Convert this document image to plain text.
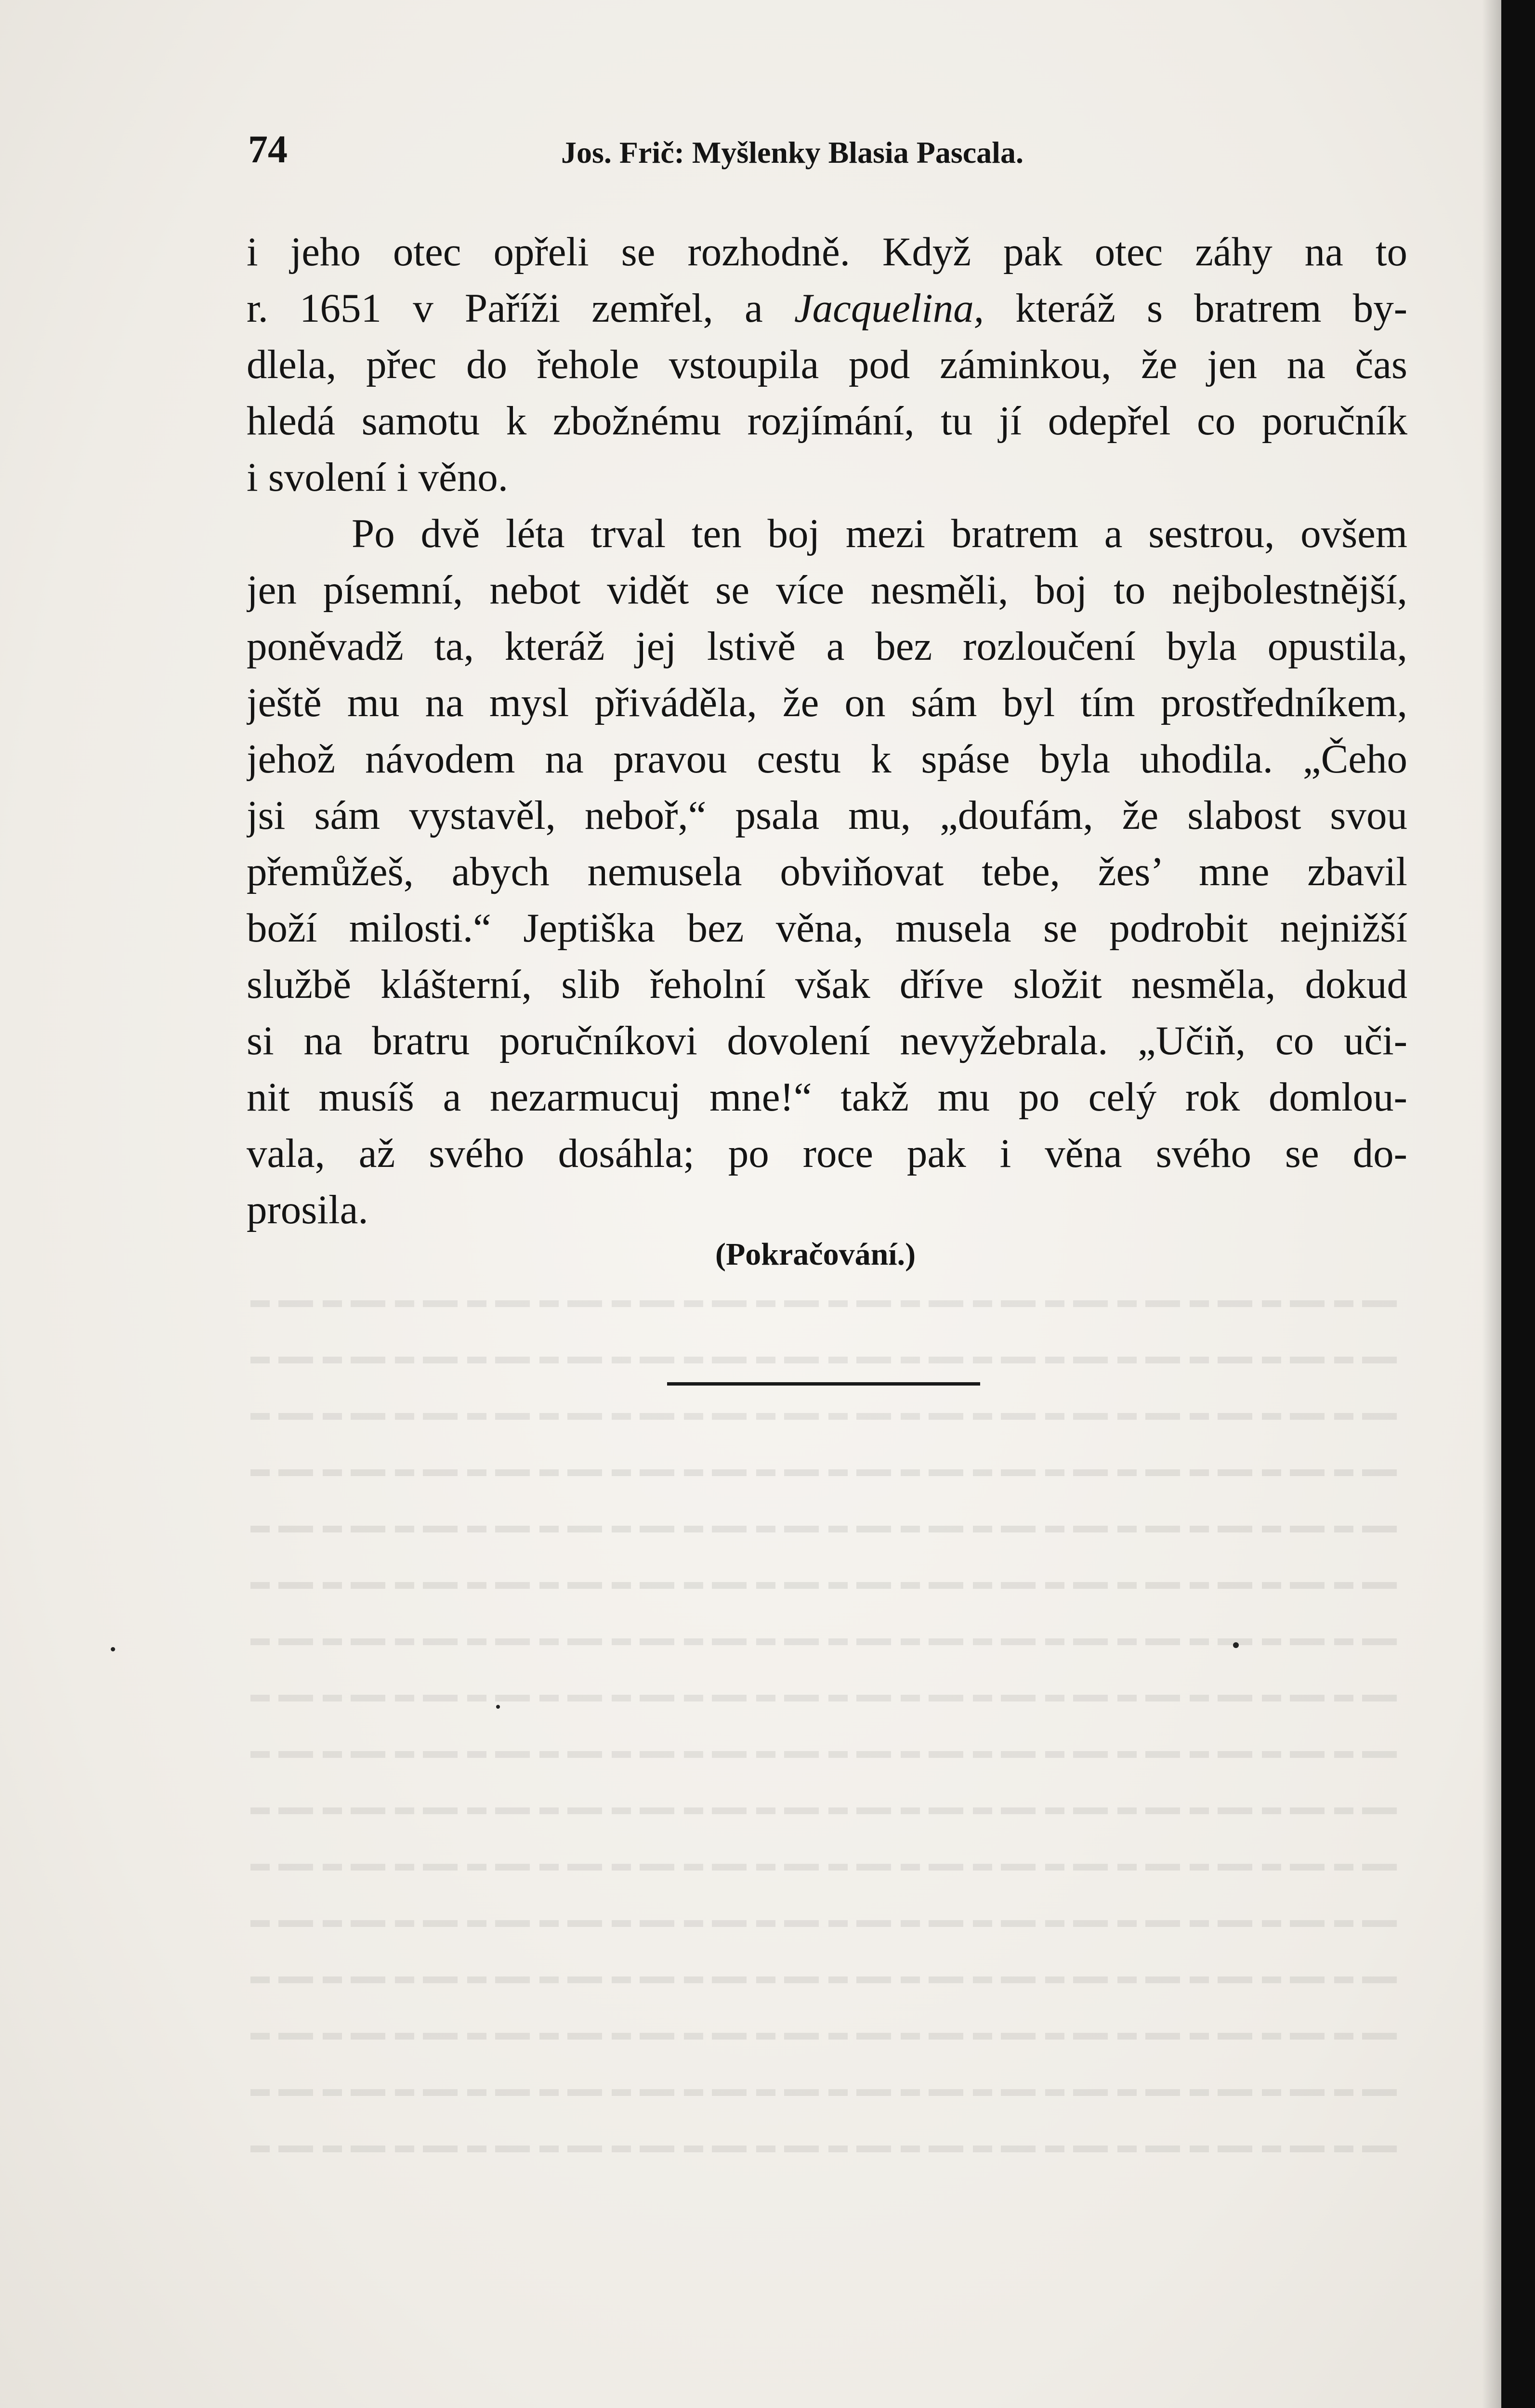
74	Jos. Frič: Myšlenky Blasia Pascala.
i jeho otec opřeli se rozhodně. Když pak otec záhy na to
r. 1651 v Paříži zemřel, a Jacquelina, kteráž s bratrem by-
dlela, přec do řehole vstoupila pod záminkou, že jen na čas
hledá samotu k zbožnému rozjímání, tu jí odepřel co poručník
i svolení i věno.
Po dvě léta trval ten boj mezi bratrem a sestrou, ovšem
jen písemní, nebot vidět se více nesměli, boj to nejbolestnější,
poněvadž ta, kteráž jej lstivě a bez rozloučení byla opustila,
ještě mu na mysl přiváděla, že on sám byl tím prostředníkem,
jehož návodem na pravou cestu k spáse byla uhodila. „Čeho
jsi sám vystavěl, neboř,“ psala mu, „doufám, že slabost svou
přemůžeš, abych nemusela obviňovat tebe, žes’ mne zbavil
boží milosti.“ Jeptiška bez věna, musela se podrobit nejnižší
službě klášterní, slib řeholní však dříve složit nesměla, dokud
si na bratru poručníkovi dovolení nevyžebrala. „Učiň, co uči-
nit musíš a nezarmucuj mne!“ takž mu po celý rok domlou-
vala, až svého dosáhla; po roce pak i věna svého se do-
prosila.
(Pokračování.)
